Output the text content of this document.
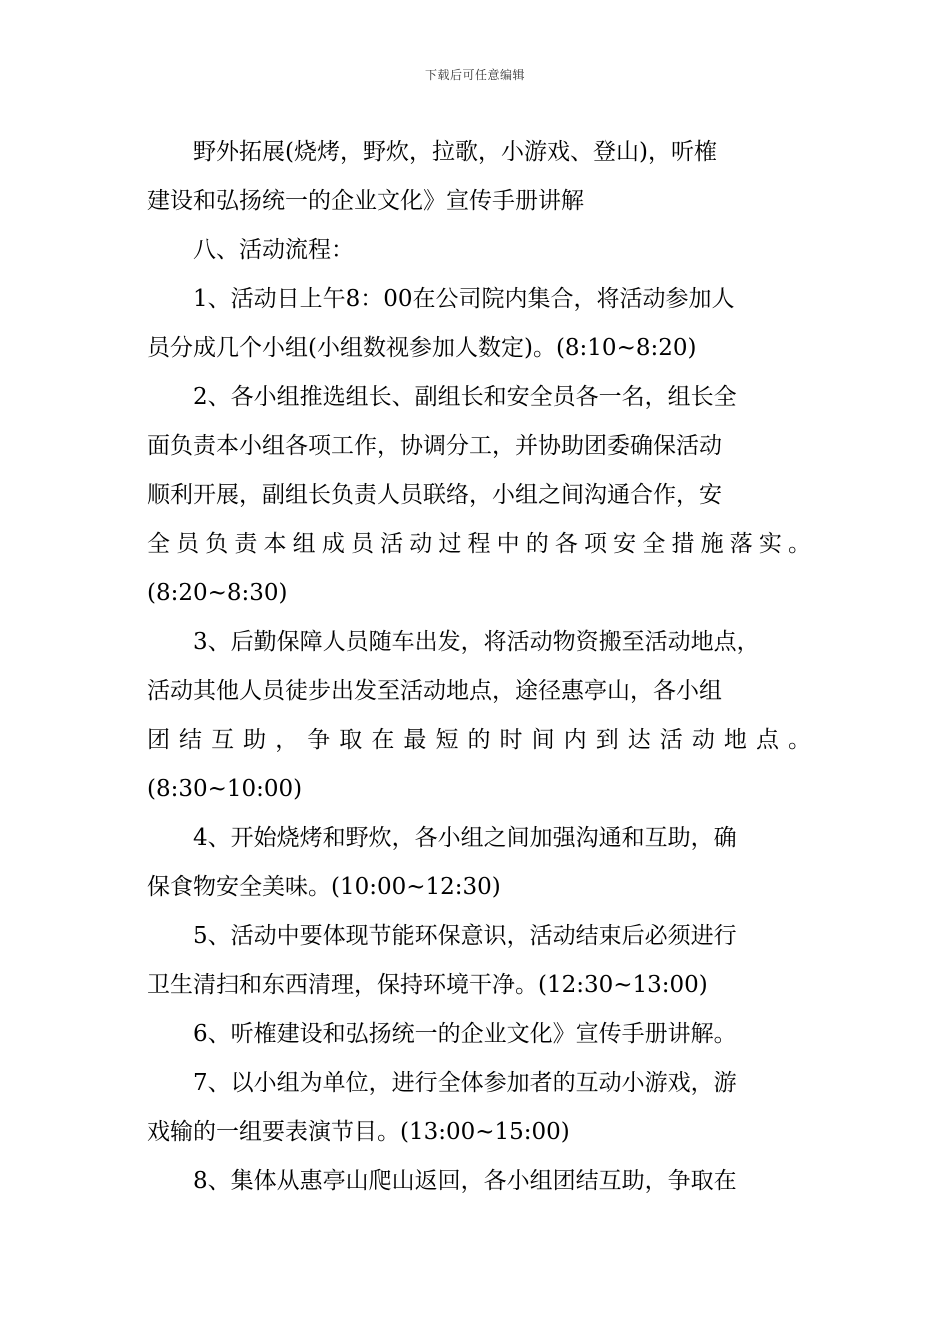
下载后可任意编辑
野外拓展(烧烤，野炊，拉歌，小游戏、登山)，听榷
建设和弘扬统一的企业文化》宣传手册讲解
八、活动流程：
1、活动日上午8：00在公司院内集合，将活动参加人
员分成几个小组(小组数视参加人数定)。(8:10~8:20)
2、各小组推选组长、副组长和安全员各一名，组长全
面负责本小组各项工作，协调分工，并协助团委确保活动
顺利开展，副组长负责人员联络，小组之间沟通合作，安
全员负责本组成员活动过程中的各项安全措施落实。
(8:20~8:30)
3、后勤保障人员随车出发，将活动物资搬至活动地点，
活动其他人员徒步出发至活动地点，途径惠亭山，各小组
团结互助，争取在最短的时间内到达活动地点。
(8:30~10:00)
4、开始烧烤和野炊，各小组之间加强沟通和互助，确
保食物安全美味。(10:00~12:30)
5、活动中要体现节能环保意识，活动结束后必须进行
卫生清扫和东西清理，保持环境干净。(12:30~13:00)
6、听榷建设和弘扬统一的企业文化》宣传手册讲解。
7、以小组为单位，进行全体参加者的互动小游戏，游
戏输的一组要表演节目。(13:00~15:00)
8、集体从惠亭山爬山返回，各小组团结互助，争取在
